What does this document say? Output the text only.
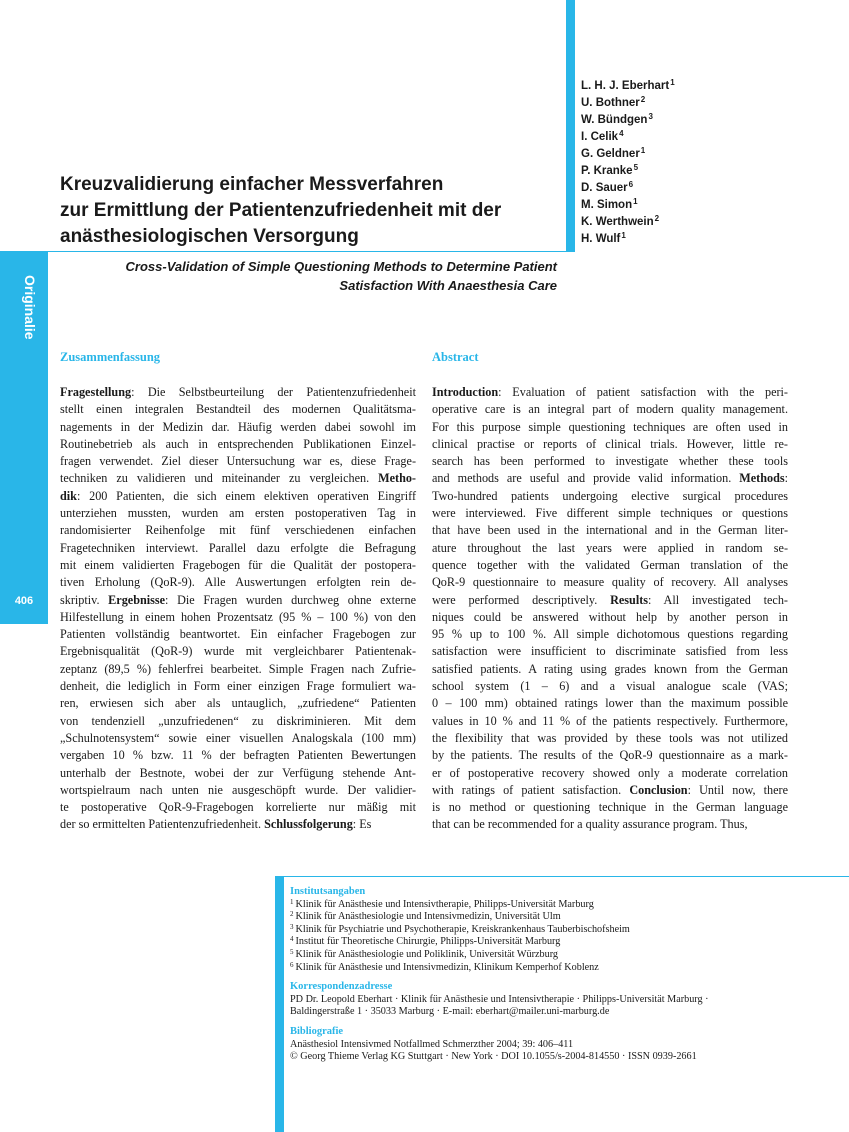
Originalie
406
L. H. J. Eberhart$^1$
U. Bothner$^2$
W. Bündgen$^3$
I. Celik$^4$
G. Geldner$^1$
P. Kranke$^5$
D. Sauer$^6$
M. Simon$^1$
K. Werthwein$^2$
H. Wulf$^1$
Kreuzvalidierung einfacher Messverfahren
zur Ermittlung der Patientenzufriedenheit mit der
anästhesiologischen Versorgung
Cross-Validation of Simple Questioning Methods to Determine Patient
Satisfaction With Anaesthesia Care
Zusammenfassung
Fragestellung: Die Selbstbeurteilung der Patientenzufriedenheit
stellt einen integralen Bestandteil des modernen Qualitätsma-
nagements in der Medizin dar. Häufig werden dabei sowohl im
Routinebetrieb als auch in entsprechenden Publikationen Einzel-
fragen verwendet. Ziel dieser Untersuchung war es, diese Frage-
techniken zu validieren und miteinander zu vergleichen. Metho-
dik: 200 Patienten, die sich einem elektiven operativen Eingriff
unterziehen mussten, wurden am ersten postoperativen Tag in
randomisierter Reihenfolge mit fünf verschiedenen einfachen
Fragetechniken interviewt. Parallel dazu erfolgte die Befragung
mit einem validierten Fragebogen für die Qualität der postopera-
tiven Erholung (QoR-9). Alle Auswertungen erfolgten rein de-
skriptiv. Ergebnisse: Die Fragen wurden durchweg ohne externe
Hilfestellung in einem hohen Prozentsatz (95 % – 100 %) von den
Patienten vollständig beantwortet. Ein einfacher Fragebogen zur
Ergebnisqualität (QoR-9) wurde mit vergleichbarer Patientenak-
zeptanz (89,5 %) fehlerfrei bearbeitet. Simple Fragen nach Zufrie-
denheit, die lediglich in Form einer einzigen Frage formuliert wa-
ren, erwiesen sich aber als untauglich, „zufriedene“ Patienten
von tendenziell „unzufriedenen“ zu diskriminieren. Mit dem
„Schulnotensystem“ sowie einer visuellen Analogskala (100 mm)
vergaben 10 % bzw. 11 % der befragten Patienten Bewertungen
unterhalb der Bestnote, wobei der zur Verfügung stehende Ant-
wortspielraum nach unten nie ausgeschöpft wurde. Der validier-
te postoperative QoR-9-Fragebogen korrelierte nur mäßig mit
der so ermittelten Patientenzufriedenheit. Schlussfolgerung: Es
Abstract
Introduction: Evaluation of patient satisfaction with the peri-
operative care is an integral part of modern quality management.
For this purpose simple questioning techniques are often used in
clinical practise or reports of clinical trials. However, little re-
search has been performed to investigate whether these tools
and methods are useful and provide valid information. Methods:
Two-hundred patients undergoing elective surgical procedures
were interviewed. Five different simple techniques or questions
that have been used in the international and in the German liter-
ature throughout the last years were applied in random se-
quence together with the validated German translation of the
QoR-9 questionnaire to measure quality of recovery. All analyses
were performed descriptively. Results: All investigated tech-
niques could be answered without help by another person in
95 % up to 100 %. All simple dichotomous questions regarding
satisfaction were insufficient to discriminate satisfied from less
satisfied patients. A rating using grades known from the German
school system (1 – 6) and a visual analogue scale (VAS;
0 – 100 mm) obtained ratings lower than the maximum possible
values in 10 % and 11 % of the patients respectively. Furthermore,
the flexibility that was provided by these tools was not utilized
by the patients. The results of the QoR-9 questionnaire as a mark-
er of postoperative recovery showed only a moderate correlation
with ratings of patient satisfaction. Conclusion: Until now, there
is no method or questioning technique in the German language
that can be recommended for a quality assurance program. Thus,

Institutsangaben

$^1$ Klinik für Anästhesie und Intensivtherapie, Philipps-Universität Marburg

$^2$ Klinik für Anästhesiologie und Intensivmedizin, Universität Ulm

$^3$ Klinik für Psychiatrie und Psychotherapie, Kreiskrankenhaus Tauberbischofsheim

$^4$ Institut für Theoretische Chirurgie, Philipps-Universität Marburg

$^5$ Klinik für Anästhesiologie und Poliklinik, Universität Würzburg

$^6$ Klinik für Anästhesie und Intensivmedizin, Klinikum Kemperhof Koblenz

Korrespondenzadresse

PD Dr. Leopold Eberhart · Klinik für Anästhesie und Intensivtherapie · Philipps-Universität Marburg ·

Baldingerstraße 1 · 35033 Marburg · E-mail: eberhart@mailer.uni-marburg.de

Bibliografie

Anästhesiol Intensivmed Notfallmed Schmerzther 2004; 39: 406–411

© Georg Thieme Verlag KG Stuttgart · New York · DOI 10.1055/s-2004-814550 · ISSN 0939-2661
